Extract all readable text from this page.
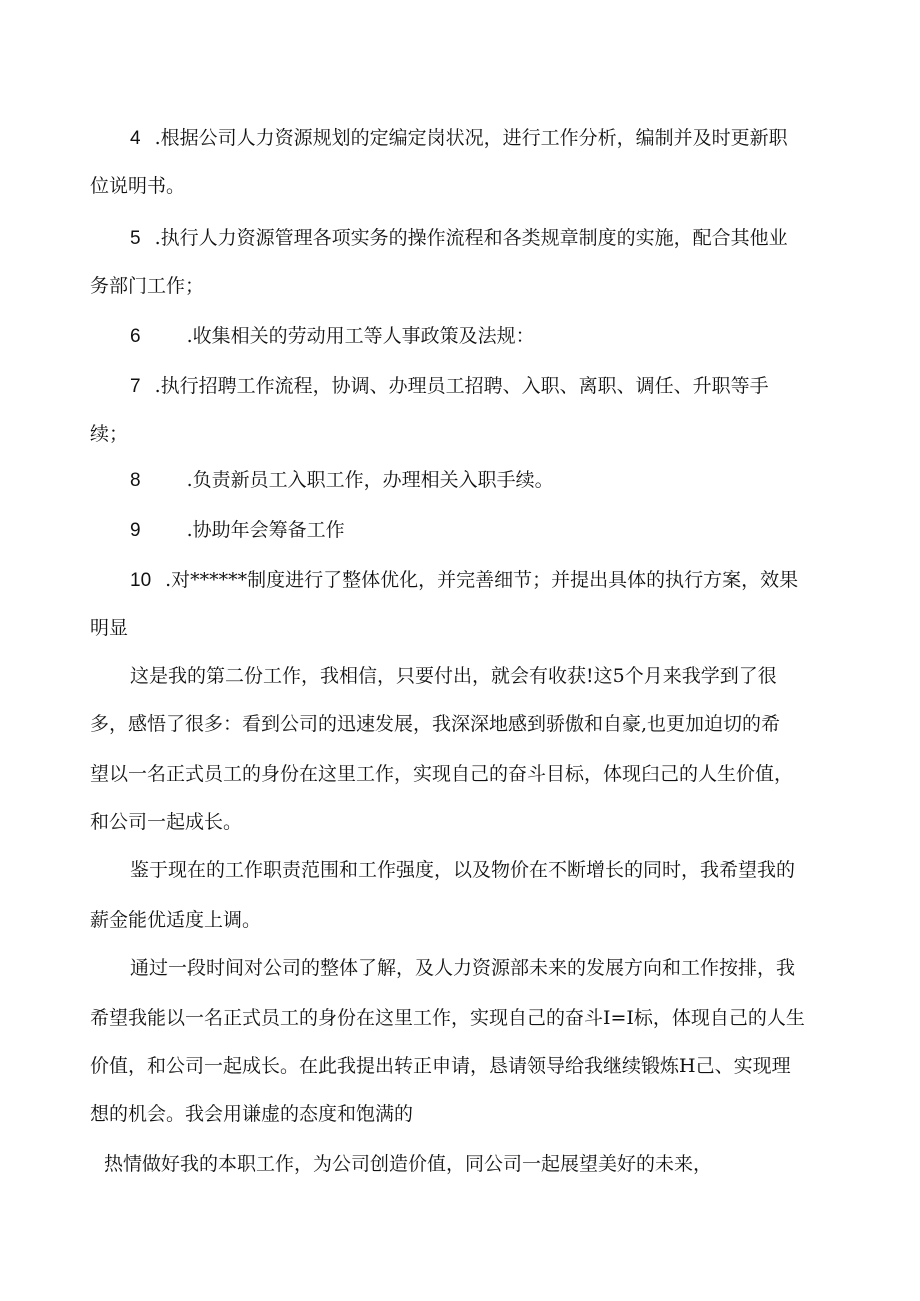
4 .根据公司人力资源规划的定编定岗状况，进行工作分析，编制并及时更新职
位说明书。
5 .执行人力资源管理各项实务的操作流程和各类规章制度的实施，配合其他业
务部门工作；
6 .收集相关的劳动用工等人事政策及法规：
7 .执行招聘工作流程，协调、办理员工招聘、入职、离职、调任、升职等手
续；
8 .负责新员工入职工作，办理相关入职手续。
9 .协助年会筹备工作
10 .对******制度进行了整体优化，并完善细节；并提出具体的执行方案，效果
明显
这是我的第二份工作，我相信，只要付出，就会有收获!这5个月来我学到了很
多，感悟了很多：看到公司的迅速发展，我深深地感到骄傲和自豪,也更加迫切的希
望以一名正式员工的身份在这里工作，实现自己的奋斗目标，体现臼己的人生价值，
和公司一起成长。
鉴于现在的工作职责范围和工作强度，以及物价在不断增长的同时，我希望我的
薪金能优适度上调。
通过一段时间对公司的整体了解，及人力资源部未来的发展方向和工作按排，我
希望我能以一名正式员工的身份在这里工作，实现自己的奋斗I=I标，体现自己的人生
价值，和公司一起成长。在此我提出转正申请，恳请领导给我继续锻炼H己、实现理
想的机会。我会用谦虚的态度和饱满的
热情做好我的本职工作，为公司创造价值，同公司一起展望美好的未来，
